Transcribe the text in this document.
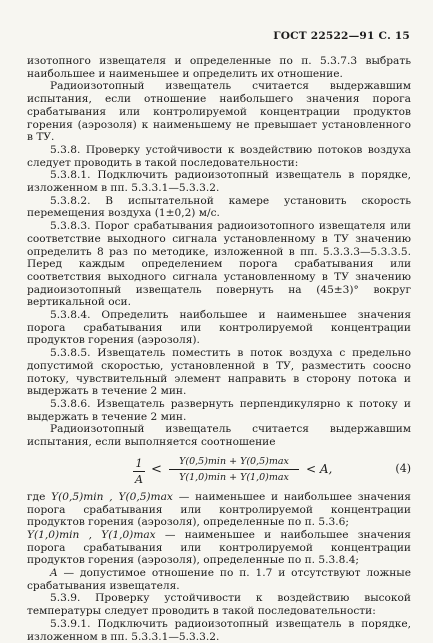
ГОСТ 22522—91 С. 15

изотопного извещателя и определенные по п. 5.3.7.3 выбрать наибольшее и наименьшее и определить их отношение.

Радиоизотопный извещатель считается выдержавшим испытания, если отношение наибольшего значения порога срабатывания или контролируемой концентрации продуктов горения (аэрозоля) к наименьшему не превышает установленного в ТУ.

5.3.8. Проверку устойчивости к воздействию потоков воздуха следует проводить в такой последовательности:

5.3.8.1. Подключить радиоизотопный извещатель в порядке, изложенном в пп. 5.3.3.1—5.3.3.2.

5.3.8.2. В испытательной камере установить скорость перемещения воздуха (1±0,2) м/с.

5.3.8.3. Порог срабатывания радиоизотопного извещателя или соответствие выходного сигнала установленному в ТУ значению определить 8 раз по методике, изложенной в пп. 5.3.3.3—5.3.3.5. Перед каждым определением порога срабатывания или соответствия выходного сигнала установленному в ТУ значению радиоизотопный извещатель повернуть на (45±3)° вокруг вертикальной оси.

5.3.8.4. Определить наибольшее и наименьшее значения порога срабатывания или контролируемой концентрации продуктов горения (аэрозоля).

5.3.8.5. Извещатель поместить в поток воздуха с предельно допустимой скоростью, установленной в ТУ, разместить соосно потоку, чувствительный элемент направить в сторону потока и выдержать в течение 2 мин.

5.3.8.6. Извещатель развернуть перпендикулярно к потоку и выдержать в течение 2 мин.

Радиоизотопный извещатель считается выдержавшим испытания, если выполняется соотношение

1
A
<
Y(0,5)min + Y(0,5)max
Y(1,0)min + Y(1,0)max
< A,	(4)

где Y(0,5)min , Y(0,5)max — наименьшее и наибольшее значения порога срабатывания или контролируемой концентрации продуктов горения (аэрозоля), определенные по п. 5.3.6;

Y(1,0)min , Y(1,0)max — наименьшее и наибольшее значения порога срабатывания или контролируемой концентрации продуктов горения (аэрозоля), определенные по п. 5.3.8.4;

A — допустимое отношение по п. 1.7 и отсутствуют ложные срабатывания извещателя.

5.3.9. Проверку устойчивости к воздействию высокой температуры следует проводить в такой последовательности:

5.3.9.1. Подключить радиоизотопный извещатель в порядке, изложенном в пп. 5.3.3.1—5.3.3.2.
